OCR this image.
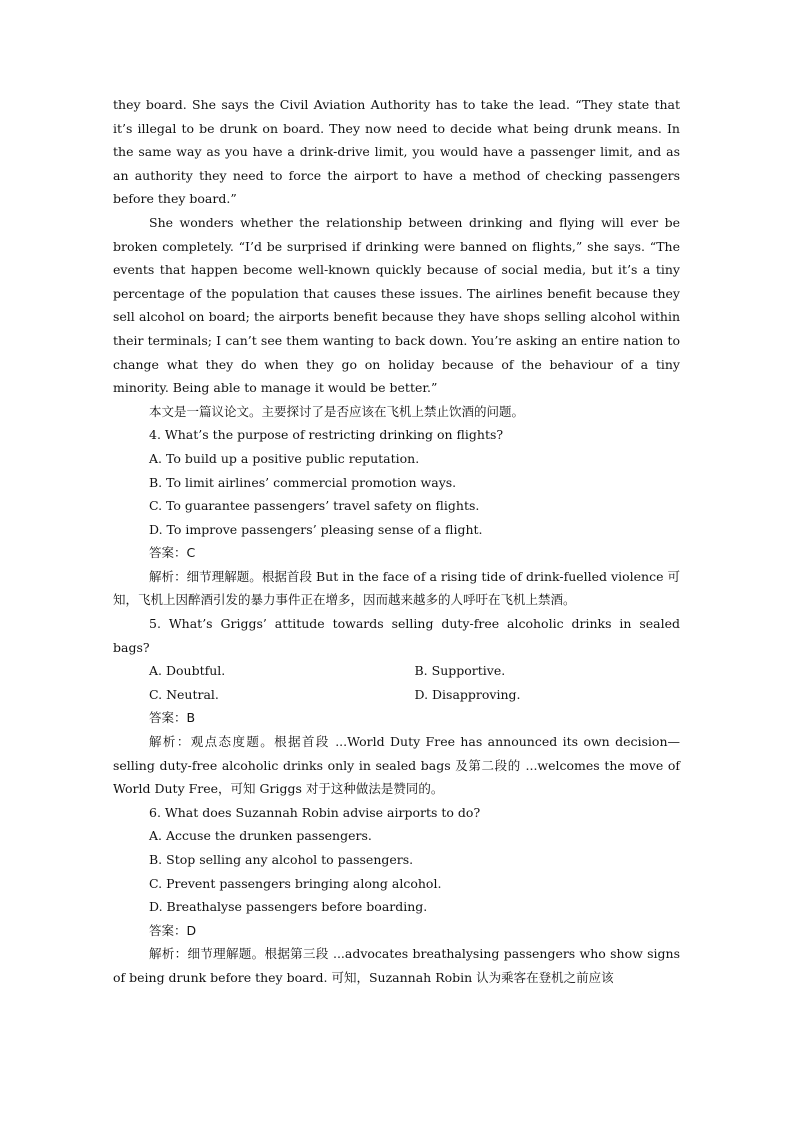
they board. She says the Civil Aviation Authority has to take the lead. “They state that it’s illegal to be drunk on board. They now need to decide what being drunk means. In the same way as you have a drink-drive limit, you would have a passenger limit, and as an authority they need to force the airport to have a method of checking passengers before they board.”

She wonders whether the relationship between drinking and flying will ever be broken completely. “I’d be surprised if drinking were banned on flights,” she says. “The events that happen become well-known quickly because of social media, but it’s a tiny percentage of the population that causes these issues. The airlines benefit because they sell alcohol on board; the airports benefit because they have shops selling alcohol within their terminals; I can’t see them wanting to back down. You’re asking an entire nation to change what they do when they go on holiday because of the behaviour of a tiny minority. Being able to manage it would be better.”

本文是一篇议论文。主要探讨了是否应该在飞机上禁止饮酒的问题。

4. What’s the purpose of restricting drinking on flights?

A. To build up a positive public reputation.

B. To limit airlines’ commercial promotion ways.

C. To guarantee passengers’ travel safety on flights.

D. To improve passengers’ pleasing sense of a flight.

答案：C

解析：细节理解题。根据首段 But in the face of a rising tide of drink-fuelled violence 可知，飞机上因醉酒引发的暴力事件正在增多，因而越来越多的人呼吁在飞机上禁酒。

5. What’s Griggs’ attitude towards selling duty-free alcoholic drinks in sealed bags?

A. Doubtful.	B. Supportive.
C. Neutral.	D. Disapproving.

答案：B

解析：观点态度题。根据首段 ...World Duty Free has announced its own decision—selling duty-free alcoholic drinks only in sealed bags 及第二段的 ...welcomes the move of World Duty Free，可知 Griggs 对于这种做法是赞同的。

6. What does Suzannah Robin advise airports to do?

A. Accuse the drunken passengers.

B. Stop selling any alcohol to passengers.

C. Prevent passengers bringing along alcohol.

D. Breathalyse passengers before boarding.

答案：D

解析：细节理解题。根据第三段 ...advocates breathalysing passengers who show signs of being drunk before they board. 可知，Suzannah Robin 认为乘客在登机之前应该
